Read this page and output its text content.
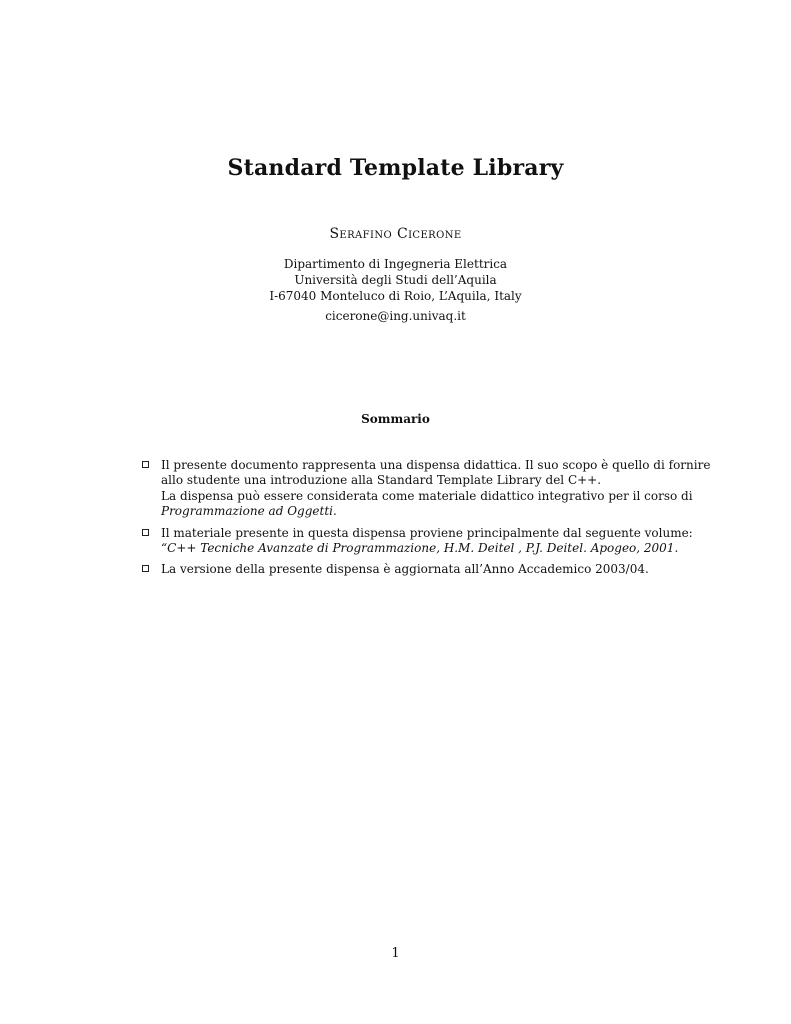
Standard Template Library
Serafino Cicerone
Dipartimento di Ingegneria Elettrica
Università degli Studi dell’Aquila
I-67040 Monteluco di Roio, L’Aquila, Italy
cicerone@ing.univaq.it
Sommario
Il presente documento rappresenta una dispensa didattica. Il suo scopo è quello di fornire
allo studente una introduzione alla Standard Template Library del C++.
La dispensa può essere considerata come materiale didattico integrativo per il corso di
Programmazione ad Oggetti.
Il materiale presente in questa dispensa proviene principalmente dal seguente volume:
“C++ Tecniche Avanzate di Programmazione, H.M. Deitel , P.J. Deitel. Apogeo, 2001.
La versione della presente dispensa è aggiornata all’Anno Accademico 2003/04.
1
